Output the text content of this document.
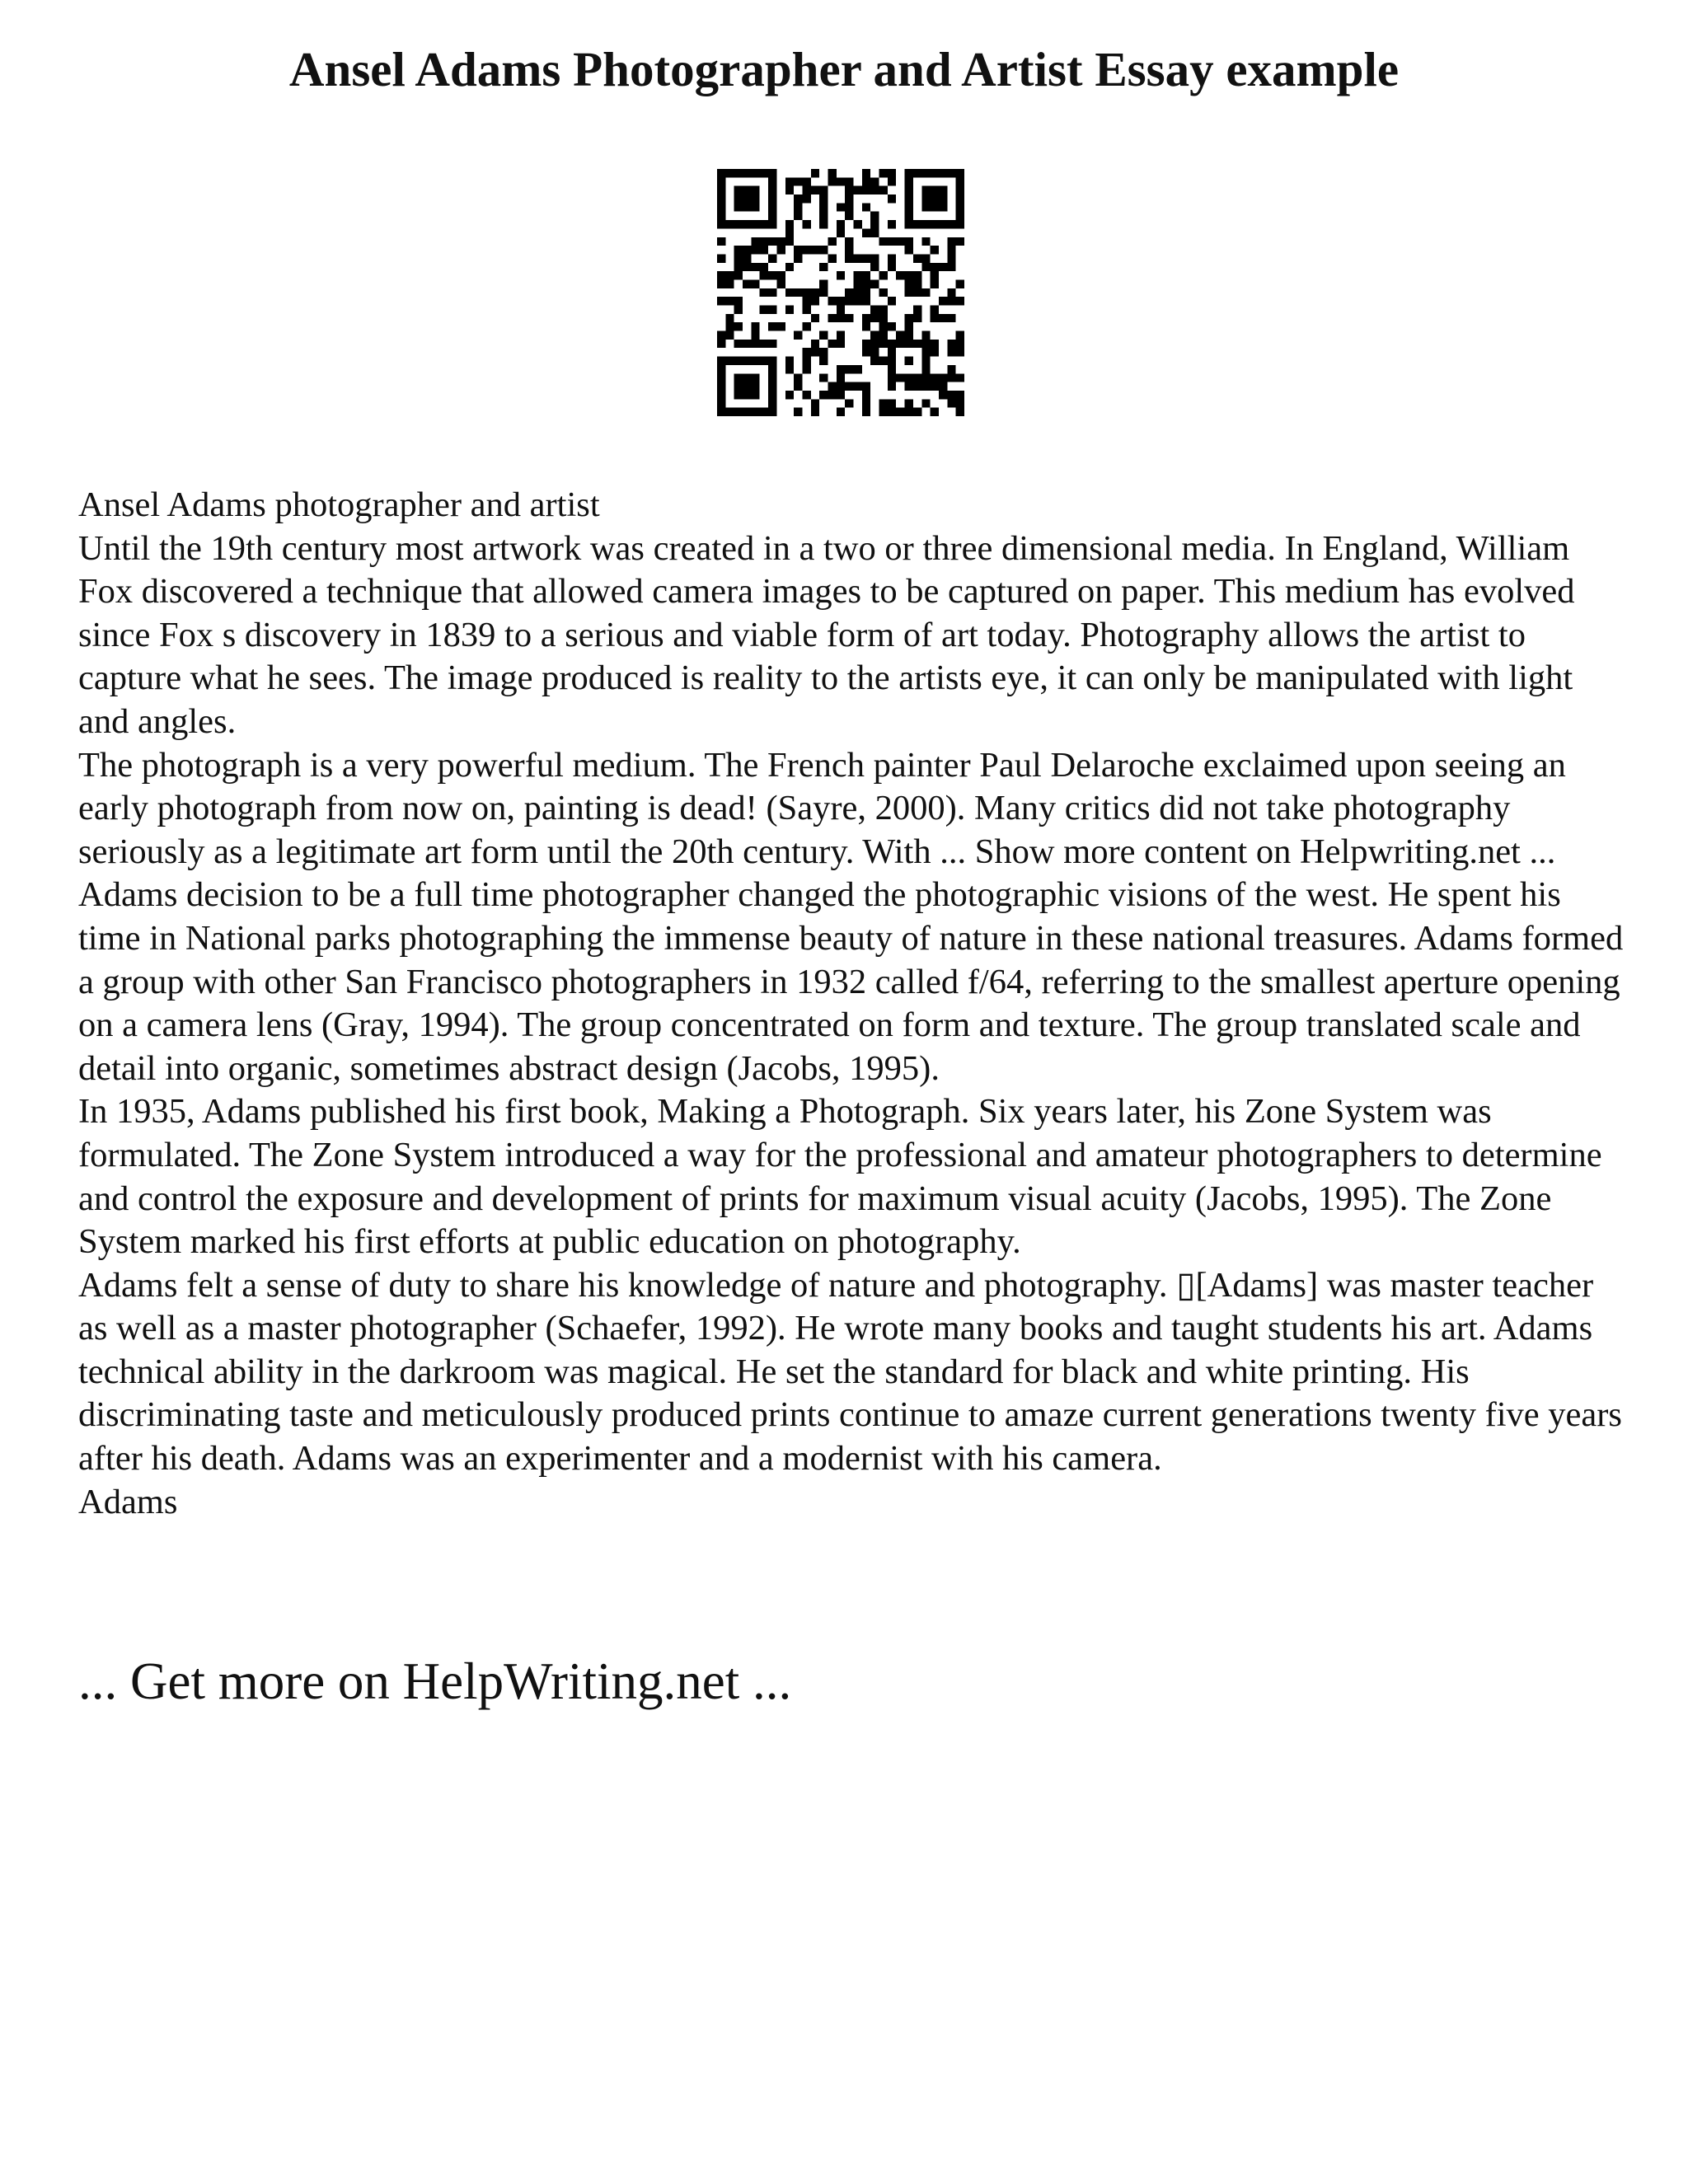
Ansel Adams Photographer and Artist Essay example

Ansel Adams photographer and artist

Until the 19th century most artwork was created in a two or three dimensional media. In England, William Fox discovered a technique that allowed camera images to be captured on paper. This medium has evolved since Fox s discovery in 1839 to a serious and viable form of art today. Photography allows the artist to capture what he sees. The image produced is reality to the artists eye, it can only be manipulated with light and angles.

The photograph is a very powerful medium. The French painter Paul Delaroche exclaimed upon seeing an early photograph from now on, painting is dead! (Sayre, 2000). Many critics did not take photography seriously as a legitimate art form until the 20th century. With ... Show more content on Helpwriting.net ...

Adams decision to be a full time photographer changed the photographic visions of the west. He spent his time in National parks photographing the immense beauty of nature in these national treasures. Adams formed a group with other San Francisco photographers in 1932 called f/64, referring to the smallest aperture opening on a camera lens (Gray, 1994). The group concentrated on form and texture. The group translated scale and detail into organic, sometimes abstract design (Jacobs, 1995).

In 1935, Adams published his first book, Making a Photograph. Six years later, his Zone System was formulated. The Zone System introduced a way for the professional and amateur photographers to determine and control the exposure and development of prints for maximum visual acuity (Jacobs, 1995). The Zone System marked his first efforts at public education on photography.

Adams felt a sense of duty to share his knowledge of nature and photography. ▯[Adams] was master teacher as well as a master photographer (Schaefer, 1992). He wrote many books and taught students his art. Adams technical ability in the darkroom was magical. He set the standard for black and white printing. His discriminating taste and meticulously produced prints continue to amaze current generations twenty five years after his death. Adams was an experimenter and a modernist with his camera.

Adams

... Get more on HelpWriting.net ...
